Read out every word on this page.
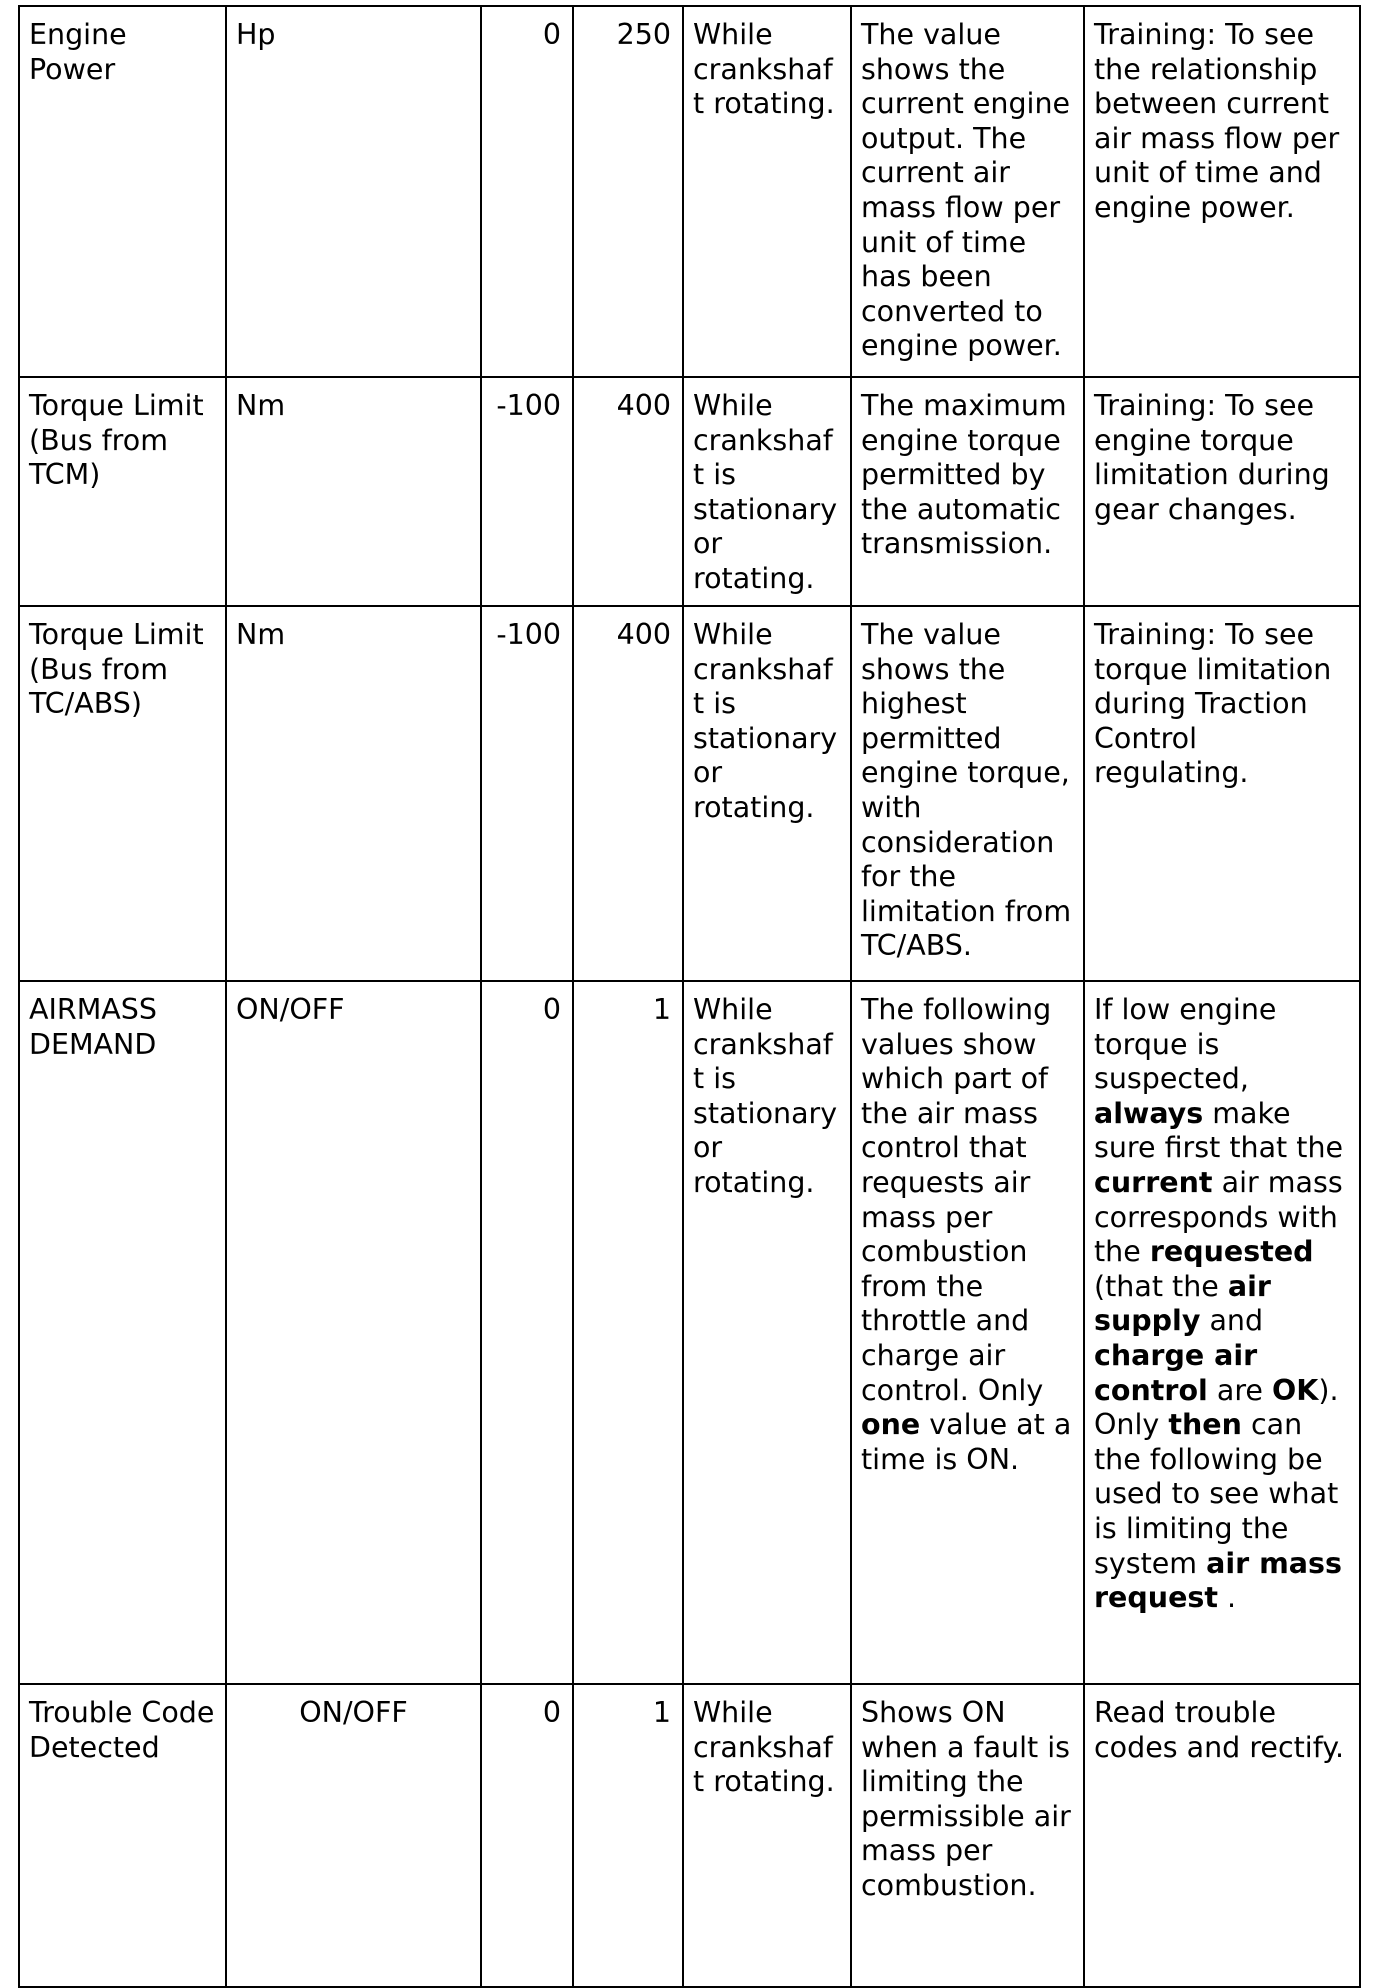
Engine Power	Hp	0	250	While crankshaft rotating.	The value shows the current engine output. The current air mass flow per unit of time has been converted to engine power.	Training: To see the relationship between current air mass flow per unit of time and engine power.
Torque Limit (Bus from TCM)	Nm	-100	400	While crankshaft is stationary or rotating.	The maximum engine torque permitted by the automatic transmission.	Training: To see engine torque limitation during gear changes.
Torque Limit (Bus from TC/ABS)	Nm	-100	400	While crankshaft is stationary or rotating.	The value shows the highest permitted engine torque, with consideration for the limitation from TC/ABS.	Training: To see torque limitation during Traction Control regulating.
AIRMASS DEMAND	ON/OFF	0	1	While crankshaft is stationary or rotating.	The following values show which part of the air mass control that requests air mass per combustion from the throttle and charge air control. Only one value at a time is ON.	If low engine torque is suspected, always make sure first that the current air mass corresponds with the requested (that the air supply and charge air control are OK). Only then can the following be used to see what is limiting the system air mass request .
Trouble Code Detected	ON/OFF	0	1	While crankshaft rotating.	Shows ON when a fault is limiting the permissible air mass per combustion.	Read trouble codes and rectify.
